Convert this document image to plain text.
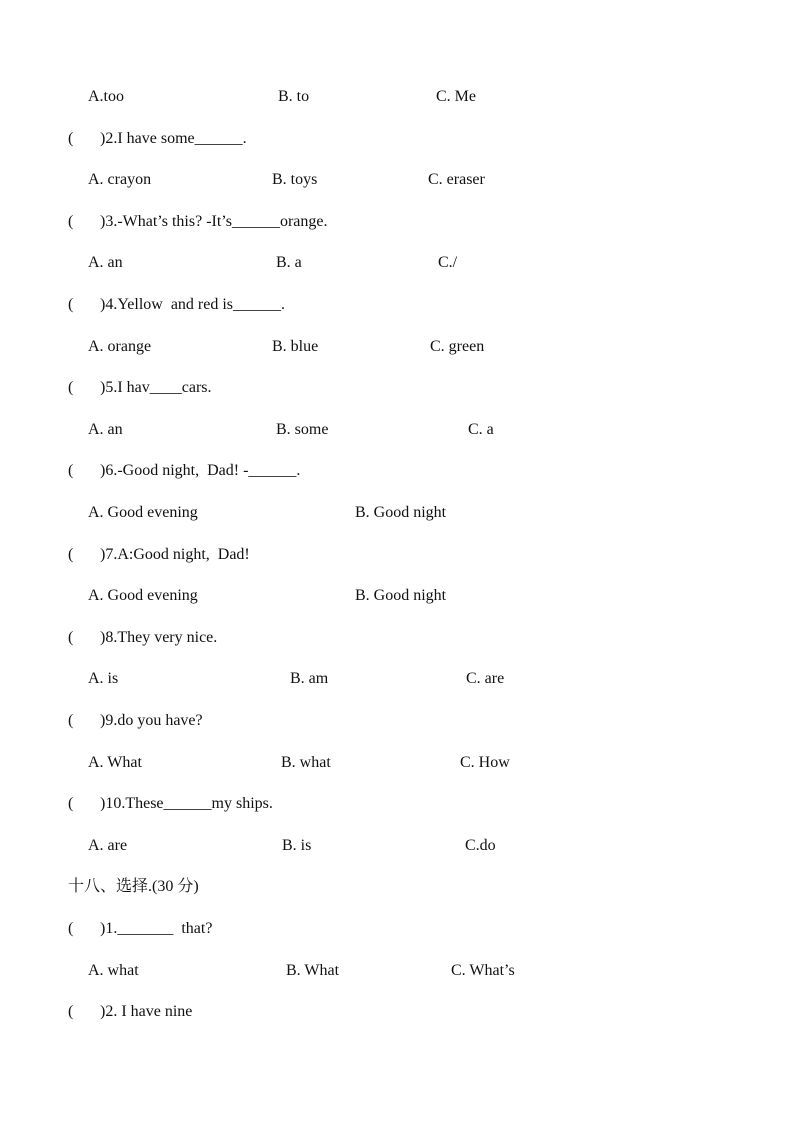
A.too

	B. to

	C. Me

(

)2.I have some______.

A. crayon

	B. toys

	C. eraser

(

)3.-What’s this? -It’s______orange.

A. an

	B. a

	C./

(

)4.Yellow  and red is______.

A. orange

	B. blue

	C. green

(

)5.I hav____cars.

A. an

	B. some

	C. a

(

)6.-Good night,  Dad! -______.

A. Good evening

	B. Good night

(

)7.A:Good night,  Dad!

A. Good evening

	B. Good night

(

)8.They very nice.

A. is

	B. am

	C. are

(

)9.do you have?

A. What

	B. what

	C. How

(

)10.These______my ships.

A. are

	B. is

	C.do

十八、选择.(30 分)

(

)1._______  that?

A. what

	B. What

	C. What’s

(

)2. I have nine
